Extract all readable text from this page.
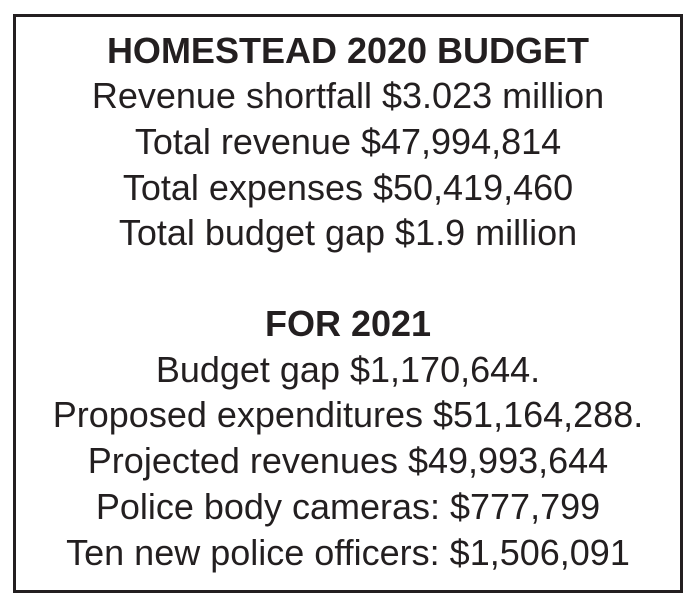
HOMESTEAD 2020 BUDGET
Revenue shortfall $3.023 million
Total revenue $47,994,814
Total expenses $50,419,460
Total budget gap $1.9 million
FOR 2021
Budget gap $1,170,644.
Proposed expenditures $51,164,288.
Projected revenues $49,993,644
Police body cameras: $777,799
Ten new police officers: $1,506,091
